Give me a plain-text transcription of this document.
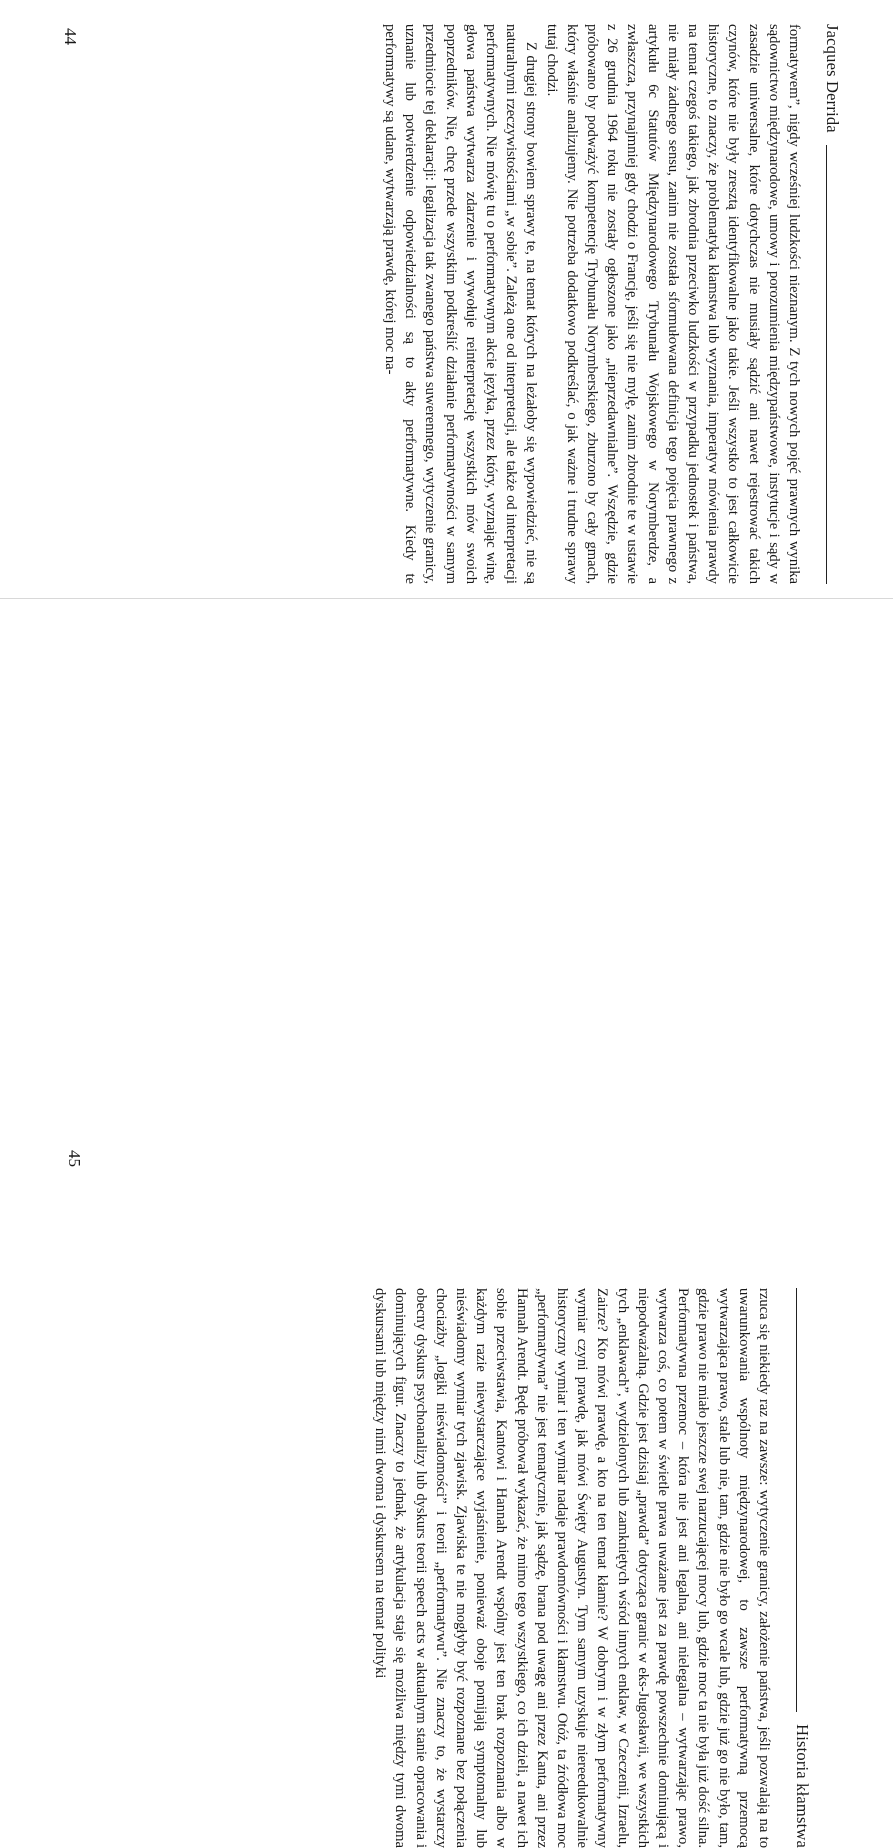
Jacques Derrida

formatywem”, nigdy wcześniej ludzkości nieznanym. Z tych nowych pojęć prawnych wynika sądownictwo międzynarodowe, umowy i porozumienia międzypaństwowe, instytucje i sądy w zasadzie uniwersalne, które dotychczas nie musiały sądzić ani nawet rejestrować takich czynów, które nie były zresztą identyfikowalne jako takie. Jeśli wszystko to jest całkowicie historyczne, to znaczy, że problematyka kłamstwa lub wyznania, imperatyw mówienia prawdy na temat czegoś takiego, jak zbrodnia przeciwko ludzkości w przypadku jednostek i państwa, nie miały żadnego sensu, zanim nie została sformułowana definicja tego pojęcia prawnego z artykułu 6c Statutów Międzynarodowego Trybunału Wojskowego w Norymberdze, a zwłaszcza, przynajmniej gdy chodzi o Francję, jeśli się nie mylę, zanim zbrodnie te w ustawie z 26 grudnia 1964 roku nie zostały ogłoszone jako „nieprzedawnialne”. Wszędzie, gdzie próbowano by podważyć kompetencję Trybunału Norymberskiego, zburzono by cały gmach, który właśnie analizujemy. Nie potrzeba dodatkowo podkreślać, o jak ważne i trudne sprawy tutaj chodzi.

Z drugiej strony bowiem sprawy te, na temat których na leżałoby się wypowiedzieć, nie są naturalnymi rzeczywistościami „w sobie”. Zależą one od interpretacji, ale także od interpretacji performatywnych. Nie mówię tu o performatywnym akcie języka, przez który, wyznając winę, głowa państwa wytwarza zdarzenie i wywołuje reinterpretację wszystkich mów swoich poprzedników. Nie, chcę przede wszystkim podkreślić działanie performatywności w samym przedmiocie tej deklaracji: legalizacja tak zwanego państwa suwerennego, wytyczenie granicy, uznanie lub potwierdzenie odpowiedzialności są to akty performatywne. Kiedy te performatywy są udane, wytwarzają prawdę, której moc na-

44
Historia kłamstwa

rzuca się niekiedy raz na zawsze: wytyczenie granicy, założenie państwa, jeśli pozwalają na to uwarunkowania wspólnoty międzynarodowej, to zawsze performatywną przemocą wytwarzająca prawo, stale lub nie, tam, gdzie nie było go wcale lub, gdzie już go nie było, tam, gdzie prawo nie miało jeszcze swej narzucającej mocy lub, gdzie moc ta nie była już dość silna. Performatywna przemoc – która nie jest ani legalna, ani nielegalna – wytwarzając prawo, wytwarza coś, co potem w świetle prawa uważane jest za prawdę powszechnie dominującą i niepodważalną. Gdzie jest dzisiaj „prawda” dotycząca granic w eks-Jugosławii, we wszystkich tych „enklawach”, wydzielonych lub zamkniętych wśród innych enklaw, w Czeczenii, Izraelu, Zairze? Kto mówi prawdę, a kto na ten temat kłamie? W dobrym i w złym performatywny wymiar czyni prawdę, jak mówi Święty Augustyn. Tym samym uzyskuje niereedukowalnie historyczny wymiar i ten wymiar nadaje prawdomówności i kłamstwu. Otóż, ta źródłowa moc „performatywna” nie jest tematycznie, jak sądzę, brana pod uwagę ani przez Kanta, ani przez Hannah Arendt. Będę próbował wykazać, że mimo tego wszystkiego, co ich dzieli, a nawet ich sobie przeciwstawia, Kantowi i Hannah Arendt wspólny jest ten brak rozpoznania albo w każdym razie niewystarczające wyjaśnienie, ponieważ oboje pomijają symptomalny lub nieświadomy wymiar tych zjawisk. Zjawiska te nie mogłyby być rozpoznane bez połączenia chociażby „logiki nieświadomości” i teorii „performatywu”. Nie znaczy to, że wystarczy obecny dyskurs psychoanalizy lub dyskurs teorii speech acts w aktualnym stanie opracowania i dominujących figur. Znaczy to jednak, że artykulacja staje się możliwa między tymi dwoma dyskursami lub między nimi dwoma i dyskursem na temat polityki

45
